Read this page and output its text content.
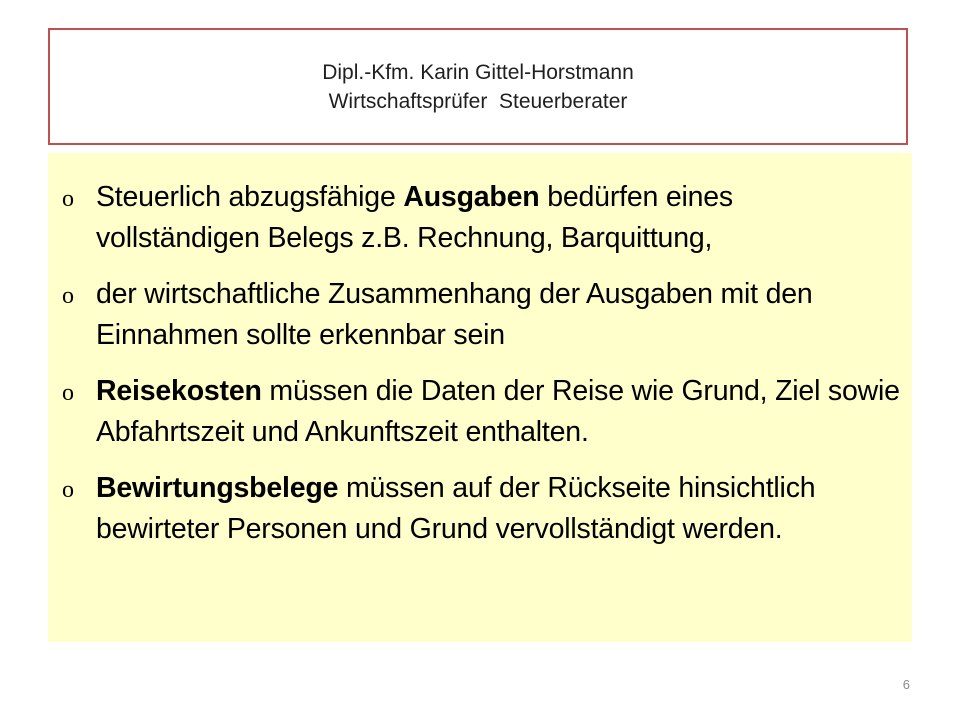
Dipl.-Kfm. Karin Gittel-Horstmann
Wirtschaftsprüfer  Steuerberater
o Steuerlich abzugsfähige Ausgaben bedürfen eines vollständigen Belegs z.B. Rechnung, Barquittung,
o der wirtschaftliche Zusammenhang der Ausgaben mit den Einnahmen sollte erkennbar sein
o Reisekosten müssen die Daten der Reise wie Grund, Ziel sowie Abfahrtszeit und Ankunftszeit enthalten.
o Bewirtungsbelege müssen auf der Rückseite hinsichtlich bewirteter Personen und Grund vervollständigt werden.
6
